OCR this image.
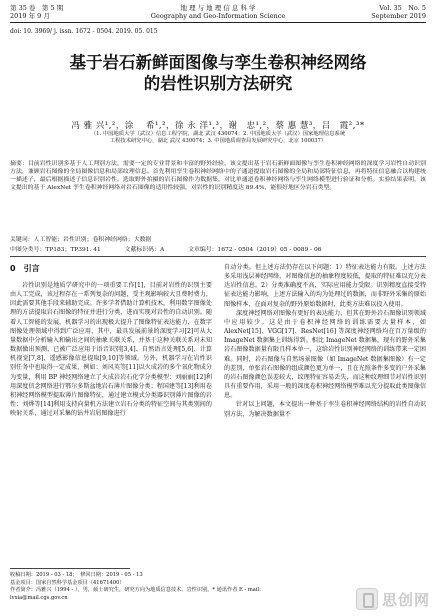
第 35 卷　第 5 期
2019 年 9 月
地 理 与 地 理 信 息 科 学
Geography and Geo-Information Science
Vol. 35　No. 5
September 2019
doi: 10. 3969/ j. issn. 1672 - 0504. 2019. 05. 015
基于岩石新鲜面图像与孪生卷积神经网络
的岩性识别方法研究
冯 雅 兴¹,²，涂　 希¹,²，徐 永 洋¹,³，谢　忠¹,²，蔡 惠 慧³，吕　霞²,³*
（1. 中国地质大学（武汉）信息工程学院，湖北 武汉 430074；2. 中国地质大学（武汉）国家地理信息系统
工程技术研究中心，湖北 武汉 430074；3. 中国地质调查局发展研究中心，北京 100037）
摘要：目前岩性识别多基于人工判别方法，需要一定的专业背景和丰富的野外经验。该文提出基于岩石新鲜面图像与孪生卷积神经网络的深度学习岩性自动识别方法，兼顾岩石图像的全局图像信息和局部纹理信息。首先利用孪生卷积神经网络中的子通道提取岩石图像的全局和局部特征信息，再将特征信息融合以构建统一描述子，最后根据描述子信息识别岩性。选取野外拍摄的岩石图像作为数据集，对比单通道卷积神经网络与孪生网络模型进行验证和分析。实验结果表明，该文提出的基于 AlexNet 孪生卷积神经网络对岩石图像的适用性较强，对岩性的识别精度达 89.4%，能很好地区分岩石类型。
关键词：人工智能；岩性识别；卷积神经网络；大数据
中图分类号：TP183；TP391. 41	文献标识码：A	文章编号：1672 - 0504（2019）05 - 0089 - 06
0　引言

岩性识别是地质学研究中的一项重要工作[1]，目前对岩性的识别主要由人工完成，该过程存在一系列复杂的问题，受主观影响较大且费时费力，因此需要其他手段来辅助完成。许多学者借助计算机技术，利用数字图像处理的方法提取岩石图像的特征并进行分类，进而实现对岩性的自动识别。随着人工智能的发展，机器学习的出现极大提升了图像特征表达能力，在数字图像处理领域中得到广泛应用，其中，最具发展前景的深度学习[2]可从大量数据中分析输入和输出之间的抽象关联关系，并基于这种关联关系对未知数据做出预测，已被广泛应用于语音识别[3,4]、自然语言处理[5,6]、计算机视觉[7,8]、遥感影像信息提取[9,10]等领域。另外，机器学习在岩性识别任务中也取得一定成果，例如：刘风英等[11]以火成岩的多个氧化物成分为变量，利用 BP 神经网络建立了火成岩岩石化学分类模型；刘丽丽[12]利用深度信念网络进行鄂尔多斯盆地岩石薄片图像分类；程国建等[13]利用卷积神经网络模型提取薄片图像特征，通过建立模式分类器识别薄片图像的岩性；刘烨等[14]利用支持向量机方法建立岩石分类的特征空间与其类别间的映射关系，通过对采集的钻井岩屑图像进行

自动分类。但上述方法仍存在以下问题：1）特征表达能力有限。上述方法多采用浅层神经网络，对图像信息的抽象程度较低，提取的特征难以充分表达岩性信息。2）分类准确度不高，实际应用能力受限。识别精度直接受特征表达能力影响，上述方法输入的均为处理过的数据，而非野外采集的原始图像样本，在面对复杂的野外原始数据时，此类方法难以投入使用。

深度神经网络对图像有更好的表达能力，但其在野外岩石图像识别领域中应用较少。这是由于卷积神经网络的训练需要大量样本，如 AlexNet[15]、VGG[17]、ResNet[16] 等深度神经网络均在百万量级的 ImageNet 数据集上训练得到。相比 ImageNet 数据集，现有的野外采集岩石图像数据量有限且样本单一，这给岩性识别神经网络的训练带来一定困难。同时，岩石图像与自然场景图像（如 ImageNet 数据集图像）有一定的差别，单张岩石图像的组成颜色更为单一，且在光照条件多变的户外采集的岩石图像颜色误差较大，纹理特征容易丢失，而这种纹理细节对岩性识别具有重要作用，采用一般的深度卷积神经网络模型难以充分提取此类图像信息。

针对以上问题，本文提出一种基于孪生卷积神经网络结构的岩性自动识别方法，为解决数据量不

收稿日期：2019 - 03 - 18；　修回日期：2019 - 05 - 13
基金项目：国家自然科学基金项目（41671400）
作者简介：冯雅兴（1994 - ），男，硕士研究生，研究方向为地质信息技术、岩性识别。* 通讯作者 E - mail: lvxia@mail.cgs.gov.cn	思创网
